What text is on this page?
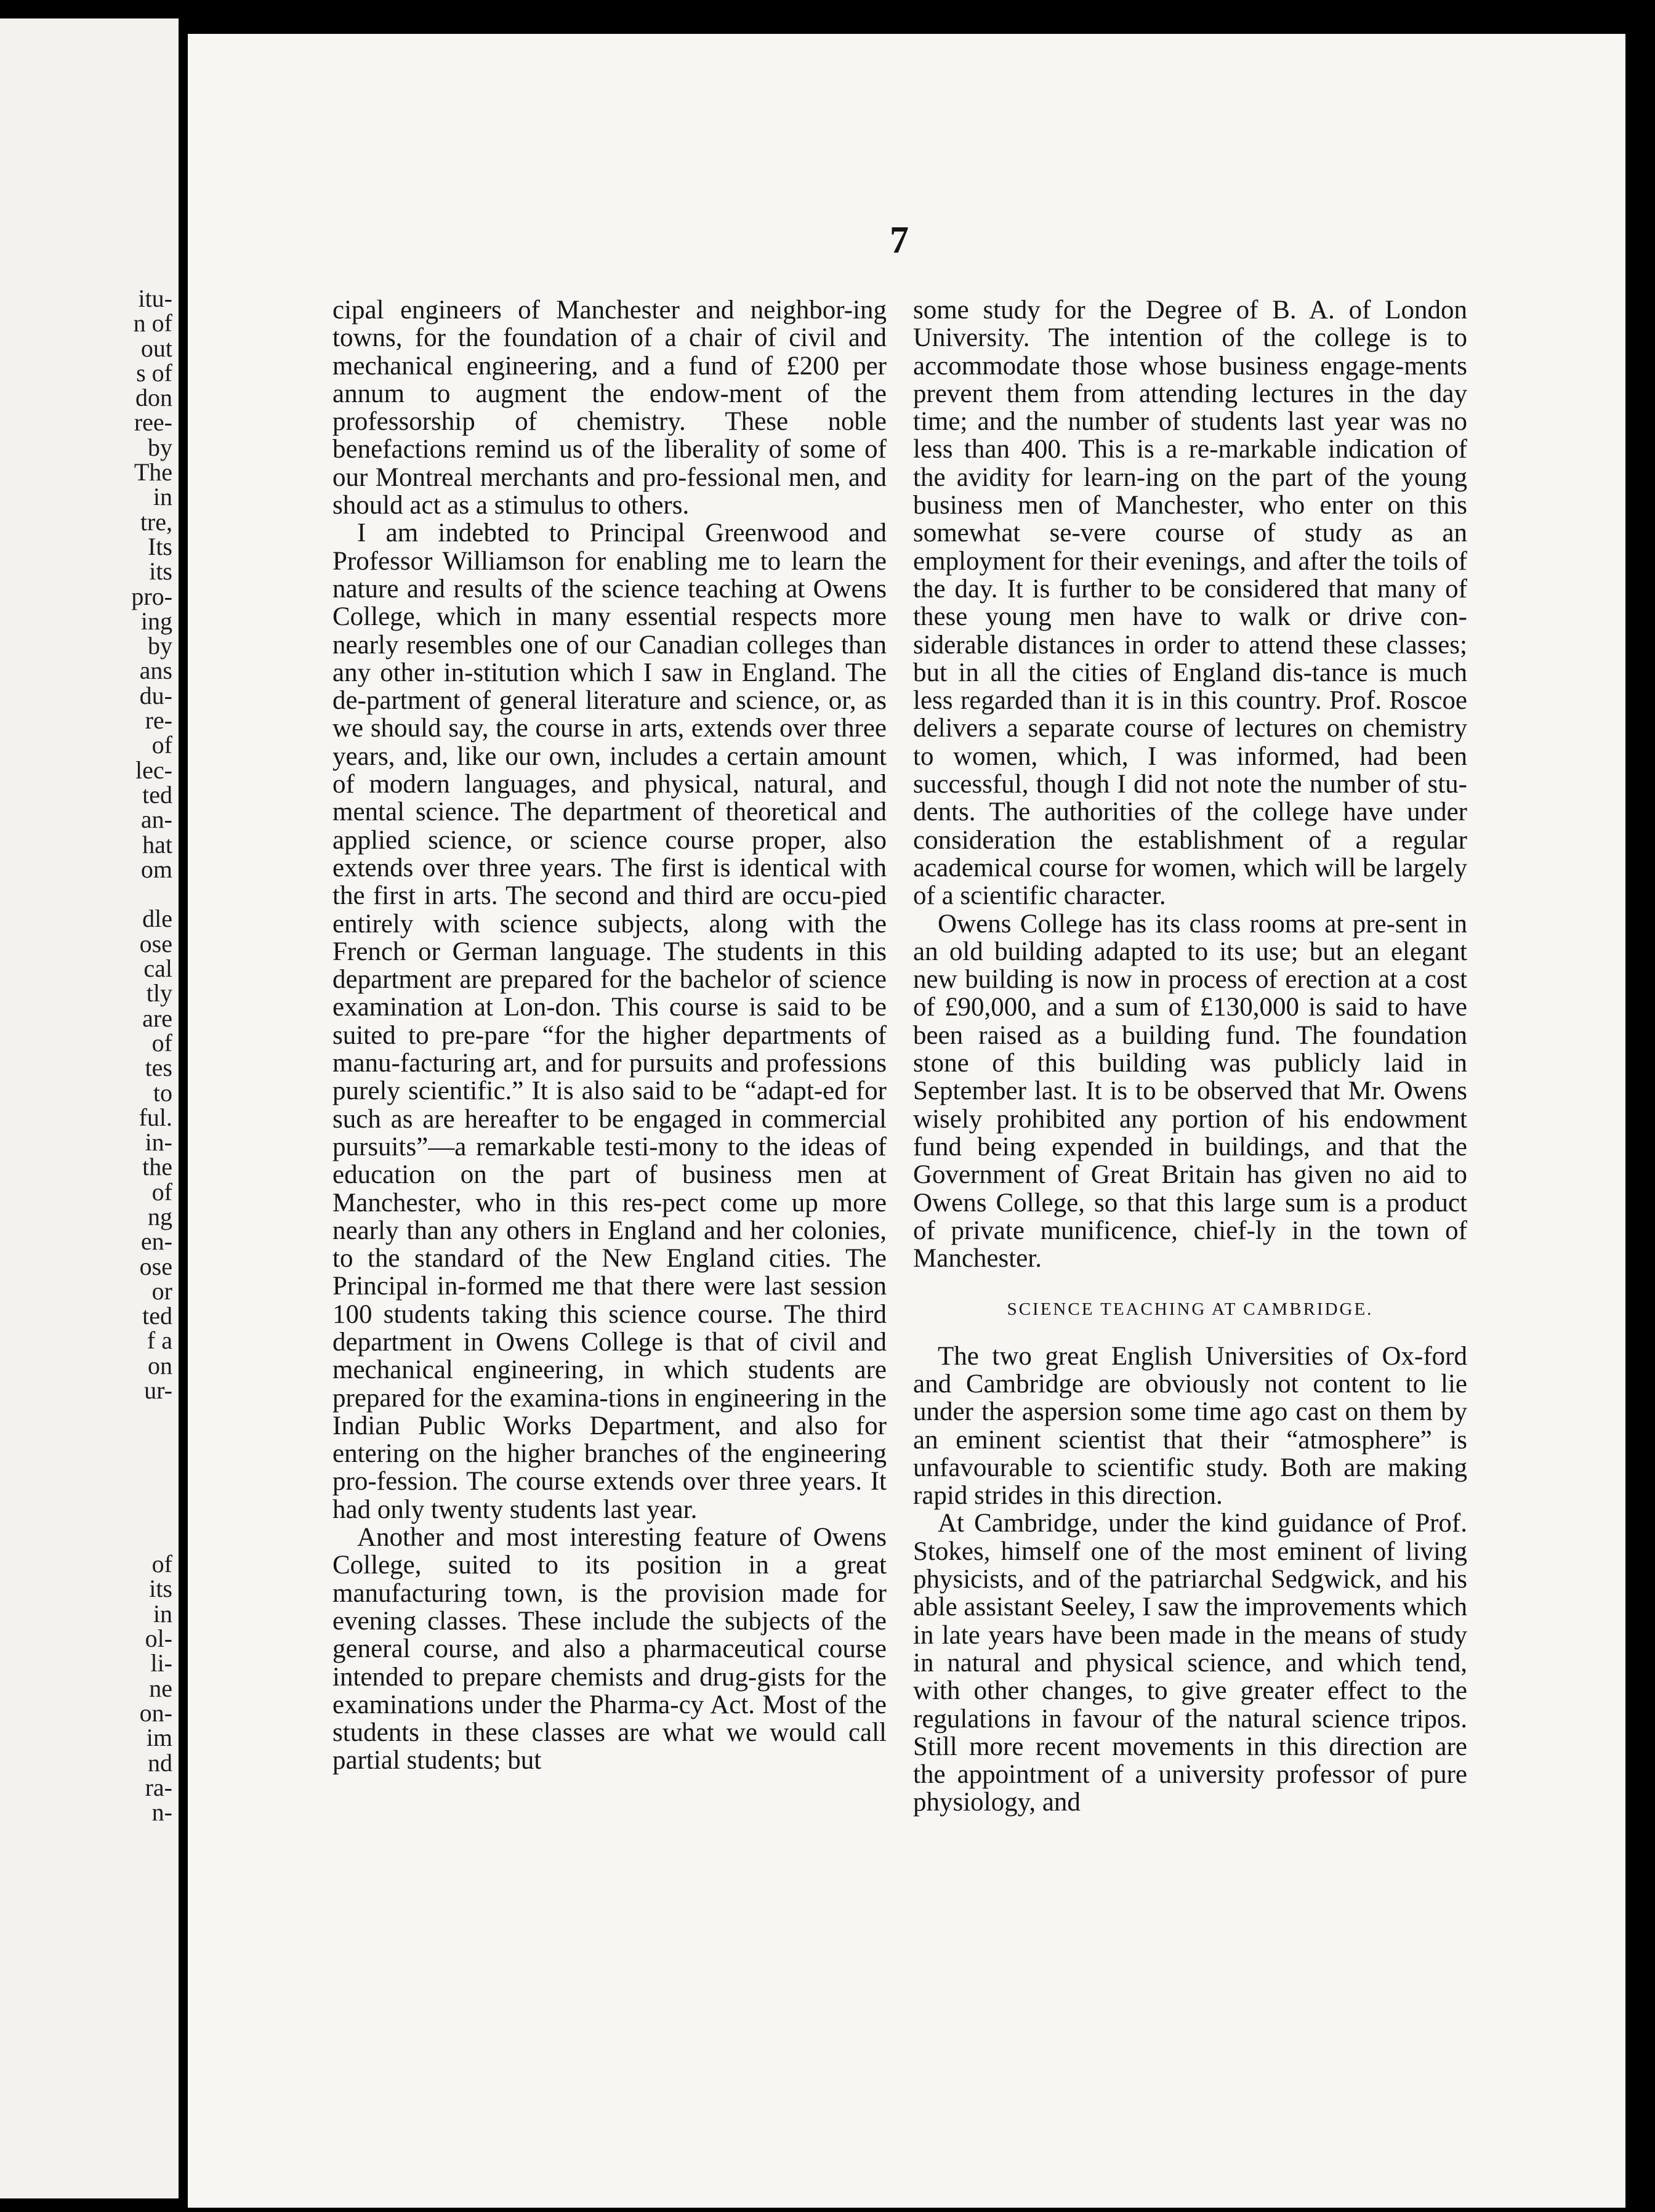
itu-
n of
out
s of
don
ree-
by
The
in
tre,
Its
its
pro-
ing
by
ans
du-
re-
of
lec-
ted
an-
hat
om

dle
ose
cal
tly
are
of
tes
to
ful.
in-
the
of
ng
en-
ose
or
ted
f a
on
ur-

of
its
in
ol-
li-
ne
on-
im
nd
ra-
n-
7

cipal engineers of Manchester and neighbor-ing towns, for the foundation of a chair of civil and mechanical engineering, and a fund of £200 per annum to augment the endow-ment of the professorship of chemistry. These noble benefactions remind us of the liberality of some of our Montreal merchants and pro-fessional men, and should act as a stimulus to others.

I am indebted to Principal Greenwood and Professor Williamson for enabling me to learn the nature and results of the science teaching at Owens College, which in many essential respects more nearly resembles one of our Canadian colleges than any other in-stitution which I saw in England. The de-partment of general literature and science, or, as we should say, the course in arts, extends over three years, and, like our own, includes a certain amount of modern languages, and physical, natural, and mental science. The department of theoretical and applied science, or science course proper, also extends over three years. The first is identical with the first in arts. The second and third are occu-pied entirely with science subjects, along with the French or German language. The students in this department are prepared for the bachelor of science examination at Lon-don. This course is said to be suited to pre-pare “for the higher departments of manu-facturing art, and for pursuits and professions purely scientific.” It is also said to be “adapt-ed for such as are hereafter to be engaged in commercial pursuits”—a remarkable testi-mony to the ideas of education on the part of business men at Manchester, who in this res-pect come up more nearly than any others in England and her colonies, to the standard of the New England cities. The Principal in-formed me that there were last session 100 students taking this science course. The third department in Owens College is that of civil and mechanical engineering, in which students are prepared for the examina-tions in engineering in the Indian Public Works Department, and also for entering on the higher branches of the engineering pro-fession. The course extends over three years. It had only twenty students last year.

Another and most interesting feature of Owens College, suited to its position in a great manufacturing town, is the provision made for evening classes. These include the subjects of the general course, and also a pharmaceutical course intended to prepare chemists and drug-gists for the examinations under the Pharma-cy Act. Most of the students in these classes are what we would call partial students; but

some study for the Degree of B. A. of London University. The intention of the college is to accommodate those whose business engage-ments prevent them from attending lectures in the day time; and the number of students last year was no less than 400. This is a re-markable indication of the avidity for learn-ing on the part of the young business men of Manchester, who enter on this somewhat se-vere course of study as an employment for their evenings, and after the toils of the day. It is further to be considered that many of these young men have to walk or drive con-siderable distances in order to attend these classes; but in all the cities of England dis-tance is much less regarded than it is in this country. Prof. Roscoe delivers a separate course of lectures on chemistry to women, which, I was informed, had been successful, though I did not note the number of stu-dents. The authorities of the college have under consideration the establishment of a regular academical course for women, which will be largely of a scientific character.

Owens College has its class rooms at pre-sent in an old building adapted to its use; but an elegant new building is now in process of erection at a cost of £90,000, and a sum of £130,000 is said to have been raised as a building fund. The foundation stone of this building was publicly laid in September last. It is to be observed that Mr. Owens wisely prohibited any portion of his endowment fund being expended in buildings, and that the Government of Great Britain has given no aid to Owens College, so that this large sum is a product of private munificence, chief-ly in the town of Manchester.

SCIENCE TEACHING AT CAMBRIDGE.

The two great English Universities of Ox-ford and Cambridge are obviously not content to lie under the aspersion some time ago cast on them by an eminent scientist that their “atmosphere” is unfavourable to scientific study. Both are making rapid strides in this direction.

At Cambridge, under the kind guidance of Prof. Stokes, himself one of the most eminent of living physicists, and of the patriarchal Sedgwick, and his able assistant Seeley, I saw the improvements which in late years have been made in the means of study in natural and physical science, and which tend, with other changes, to give greater effect to the regulations in favour of the natural science tripos. Still more recent movements in this direction are the appointment of a university professor of pure physiology, and
